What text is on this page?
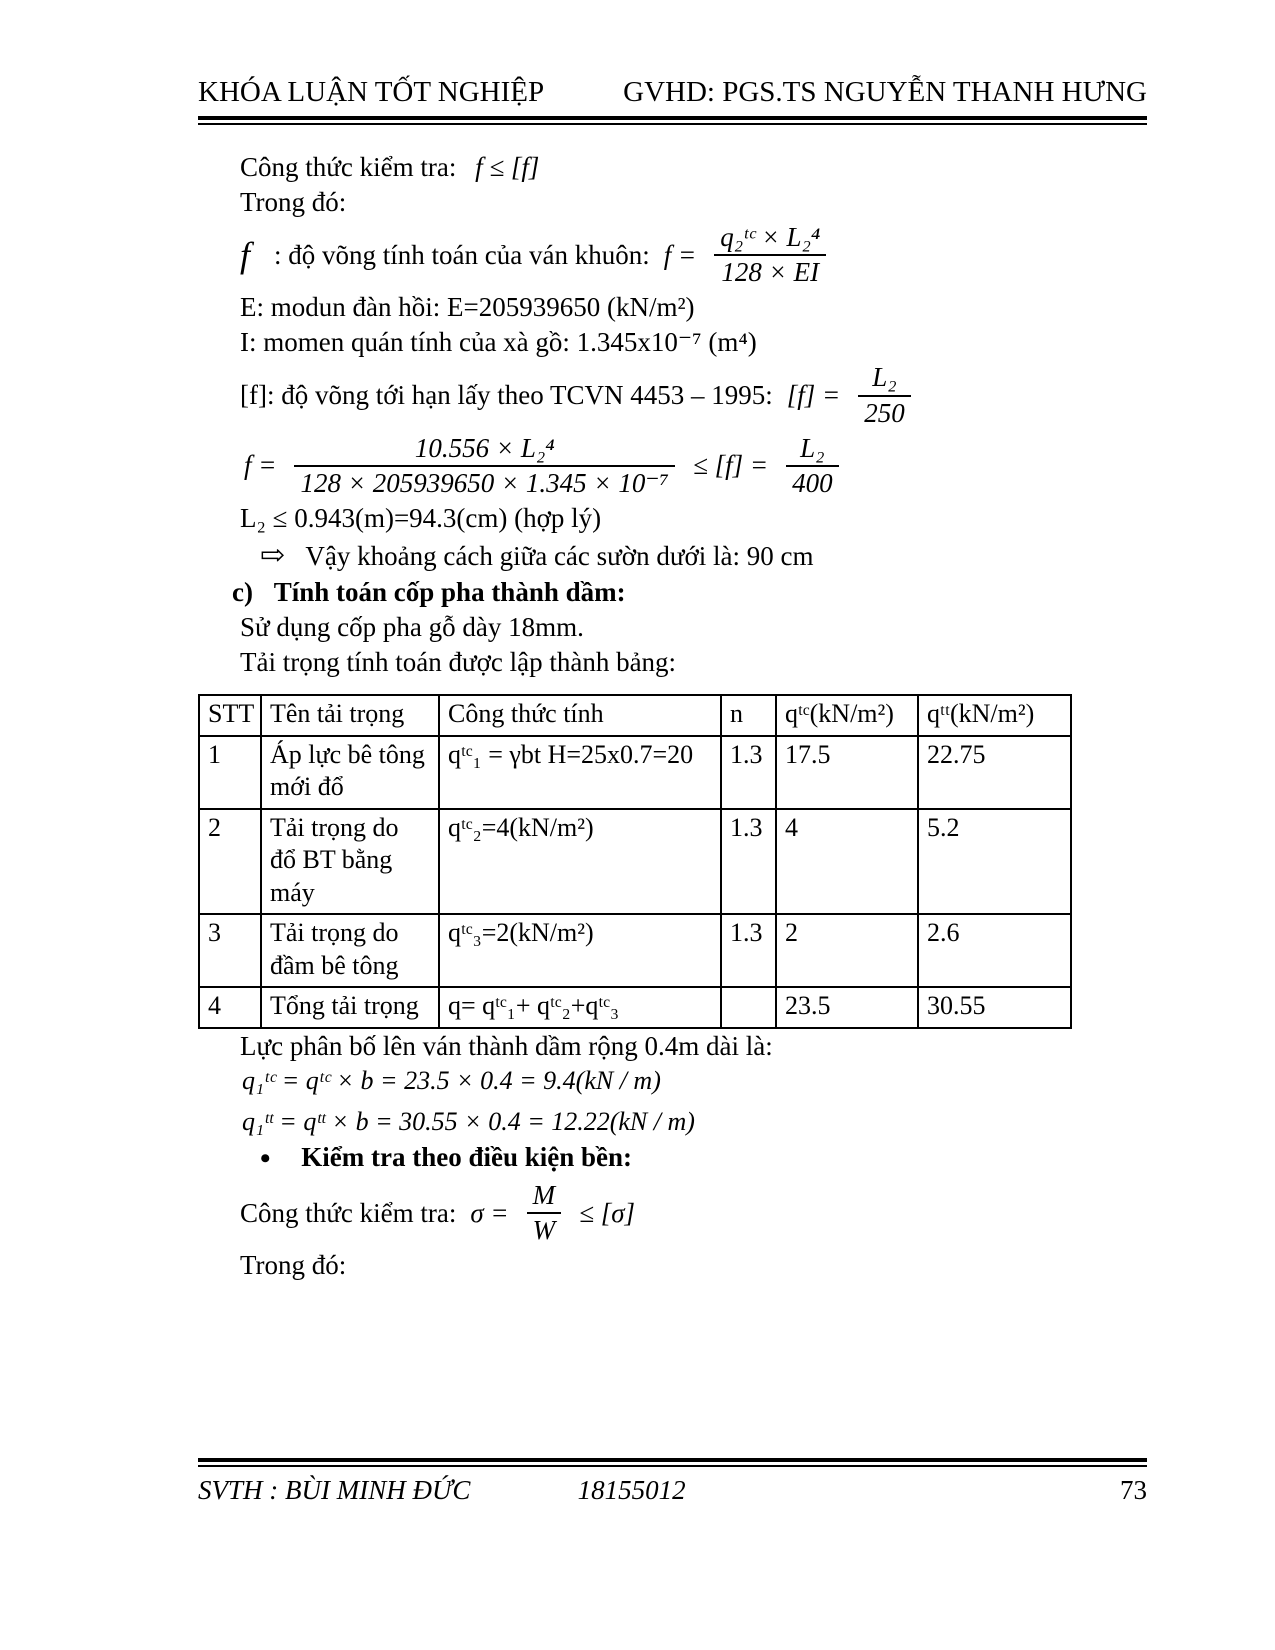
KHÓA LUẬN TỐT NGHIỆP	GVHD: PGS.TS NGUYỄN THANH HƯNG

Công thức kiểm tra: f ≤ [f]

Trong đó:

f : độ võng tính toán của ván khuôn: $f = \frac{\text{q₂ᵗᶜ × L₂⁴}}{128 \times EI}$

E: modun đàn hồi: E=205939650 (kN/m²)

I: momen quán tính của xà gồ: 1.345x10⁻⁷ (m⁴)

[f]: độ võng tới hạn lấy theo TCVN 4453 – 1995: $[f] = \frac{\text{L₂}}{250}$
$f = \frac{\text{10.556 × L₂⁴}}{\text{128 × 205939650 × 1.345 × 10⁻⁷}} \le [f] = \frac{\text{L₂}}{400}$

L₂ ≤ 0.943(m)=94.3(cm) (hợp lý)

⇨ Vậy khoảng cách giữa các sườn dưới là: 90 cm

c) Tính toán cốp pha thành dầm:

Sử dụng cốp pha gỗ dày 18mm.

Tải trọng tính toán được lập thành bảng:

STT	Tên tải trọng	Công thức tính	n	qᵗᶜ(kN/m²)	qᵗᵗ(kN/m²)
1	Áp lực bê tông mới đổ	qᵗᶜ₁ = γbt H=25x0.7=20	1.3	17.5	22.75
2	Tải trọng do đổ BT bằng máy	qᵗᶜ₂=4(kN/m²)	1.3	4	5.2
3	Tải trọng do đầm bê tông	qᵗᶜ₃=2(kN/m²)	1.3	2	2.6
4	Tổng tải trọng	q= qᵗᶜ₁+ qᵗᶜ₂+qᵗᶜ₃		23.5	30.55

Lực phân bố lên ván thành dầm rộng 0.4m dài là:

q₁ᵗᶜ = qᵗᶜ × b = 23.5 × 0.4 = 9.4(kN / m)

q₁ᵗᵗ = qᵗᵗ × b = 30.55 × 0.4 = 12.22(kN / m)

• Kiểm tra theo điều kiện bền:

Công thức kiểm tra: $\sigma = \frac{M}{W} \le [\sigma]$

Trong đó:

SVTH : BÙI MINH ĐỨC	18155012	73
